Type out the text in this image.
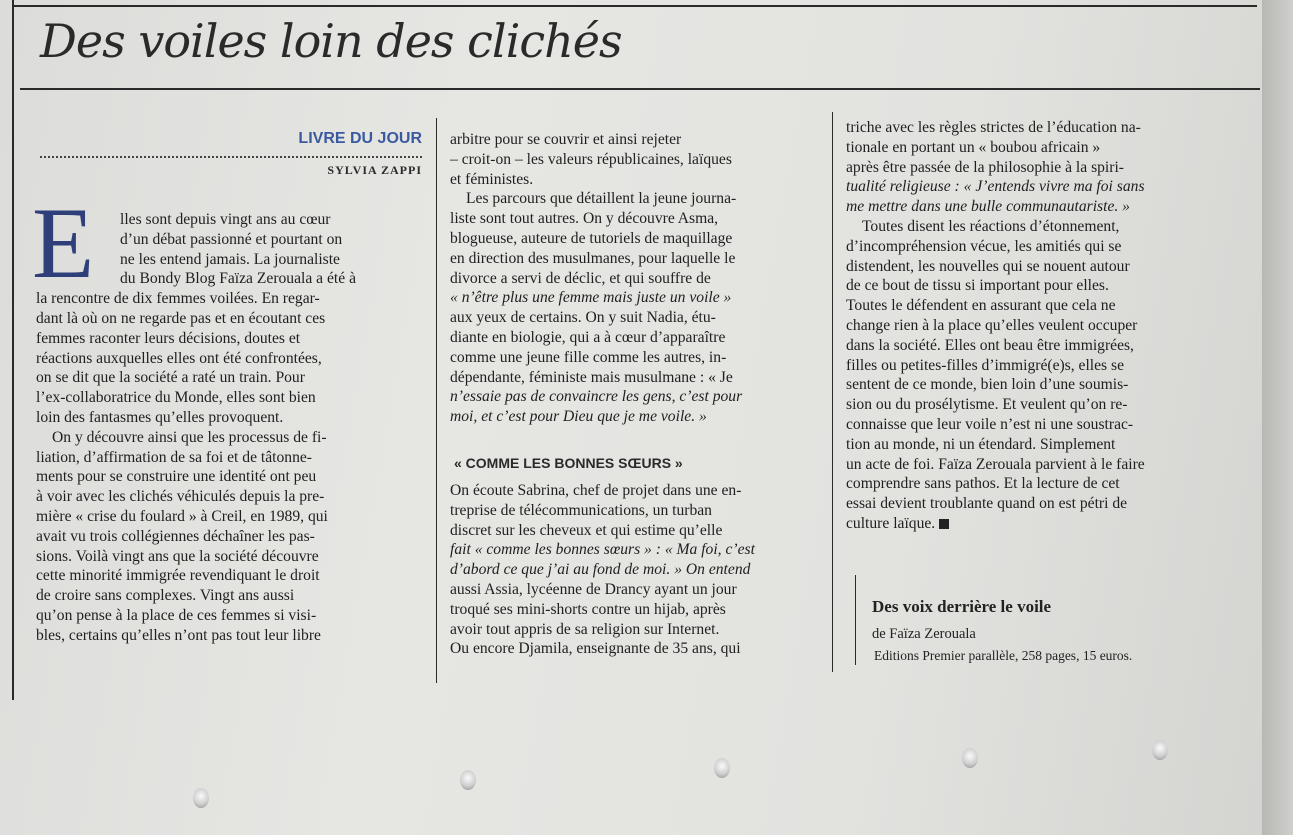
Des voiles loin des clichés
LIVRE DU JOUR
SYLVIA ZAPPI
E	lles sont depuis vingt ans au cœur
d’un débat passionné et pourtant on
ne les entend jamais. La journaliste
du Bondy Blog Faïza Zerouala a été à
la rencontre de dix femmes voilées. En regar-
dant là où on ne regarde pas et en écoutant ces
femmes raconter leurs décisions, doutes et
réactions auxquelles elles ont été confrontées,
on se dit que la société a raté un train. Pour
l’ex-collaboratrice du Monde, elles sont bien
loin des fantasmes qu’elles provoquent.
On y découvre ainsi que les processus de fi-
liation, d’affirmation de sa foi et de tâtonne-
ments pour se construire une identité ont peu
à voir avec les clichés véhiculés depuis la pre-
mière « crise du foulard » à Creil, en 1989, qui
avait vu trois collégiennes déchaîner les pas-
sions. Voilà vingt ans que la société découvre
cette minorité immigrée revendiquant le droit
de croire sans complexes. Vingt ans aussi
qu’on pense à la place de ces femmes si visi-
bles, certains qu’elles n’ont pas tout leur libre
arbitre pour se couvrir et ainsi rejeter
– croit-on – les valeurs républicaines, laïques
et féministes.
Les parcours que détaillent la jeune journa-
liste sont tout autres. On y découvre Asma,
blogueuse, auteure de tutoriels de maquillage
en direction des musulmanes, pour laquelle le
divorce a servi de déclic, et qui souffre de
« n’être plus une femme mais juste un voile »
aux yeux de certains. On y suit Nadia, étu-
diante en biologie, qui a à cœur d’apparaître
comme une jeune fille comme les autres, in-
dépendante, féministe mais musulmane : « Je
n’essaie pas de convaincre les gens, c’est pour
moi, et c’est pour Dieu que je me voile. »
« COMME LES BONNES SŒURS »
On écoute Sabrina, chef de projet dans une en-
treprise de télécommunications, un turban
discret sur les cheveux et qui estime qu’elle
fait « comme les bonnes sœurs » : « Ma foi, c’est
d’abord ce que j’ai au fond de moi. » On entend
aussi Assia, lycéenne de Drancy ayant un jour
troqué ses mini-shorts contre un hijab, après
avoir tout appris de sa religion sur Internet.
Ou encore Djamila, enseignante de 35 ans, qui
triche avec les règles strictes de l’éducation na-
tionale en portant un « boubou africain »
après être passée de la philosophie à la spiri-
tualité religieuse : « J’entends vivre ma foi sans
me mettre dans une bulle communautariste. »
Toutes disent les réactions d’étonnement,
d’incompréhension vécue, les amitiés qui se
distendent, les nouvelles qui se nouent autour
de ce bout de tissu si important pour elles.
Toutes le défendent en assurant que cela ne
change rien à la place qu’elles veulent occuper
dans la société. Elles ont beau être immigrées,
filles ou petites-filles d’immigré(e)s, elles se
sentent de ce monde, bien loin d’une soumis-
sion ou du prosélytisme. Et veulent qu’on re-
connaisse que leur voile n’est ni une soustrac-
tion au monde, ni un étendard. Simplement
un acte de foi. Faïza Zerouala parvient à le faire
comprendre sans pathos. Et la lecture de cet
essai devient troublante quand on est pétri de
culture laïque.
Des voix derrière le voile
de Faïza Zerouala
Editions Premier parallèle, 258 pages, 15 euros.
